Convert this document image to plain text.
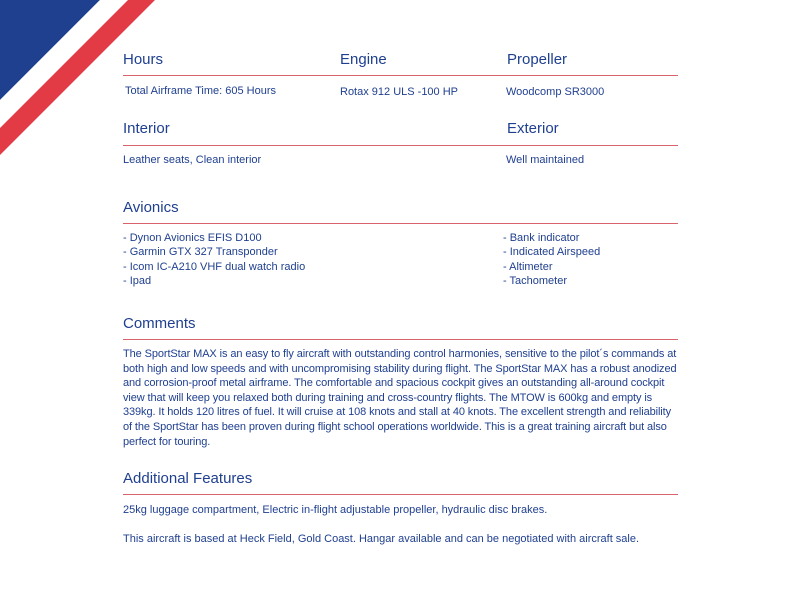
Hours	Engine	Propeller
Total Airframe Time: 605 Hours	Rotax 912 ULS -100 HP	Woodcomp SR3000
Interior	Exterior
Leather seats, Clean interior	Well maintained
Avionics
- Dynon Avionics EFIS D100
- Garmin GTX 327 Transponder
- Icom IC-A210 VHF dual watch radio
- Ipad
- Bank indicator
- Indicated Airspeed
- Altimeter
- Tachometer
Comments
The SportStar MAX is an easy to fly aircraft with outstanding control harmonies, sensitive to the pilot´s commands at both high and low speeds and with uncompromising stability during flight. The SportStar MAX has a robust anodized and corrosion-proof metal airframe. The comfortable and spacious cockpit gives an outstanding all-around cockpit view that will keep you relaxed both during training and cross-country flights. The MTOW is 600kg and empty is 339kg. It holds 120 litres of fuel. It will cruise at 108 knots and stall at 40 knots. The excellent strength and reliability of the SportStar has been proven during flight school operations worldwide. This is a great training aircraft but also perfect for touring.
Additional Features
25kg luggage compartment, Electric in-flight adjustable propeller, hydraulic disc brakes.
This aircraft is based at Heck Field, Gold Coast. Hangar available and can be negotiated with aircraft sale.
